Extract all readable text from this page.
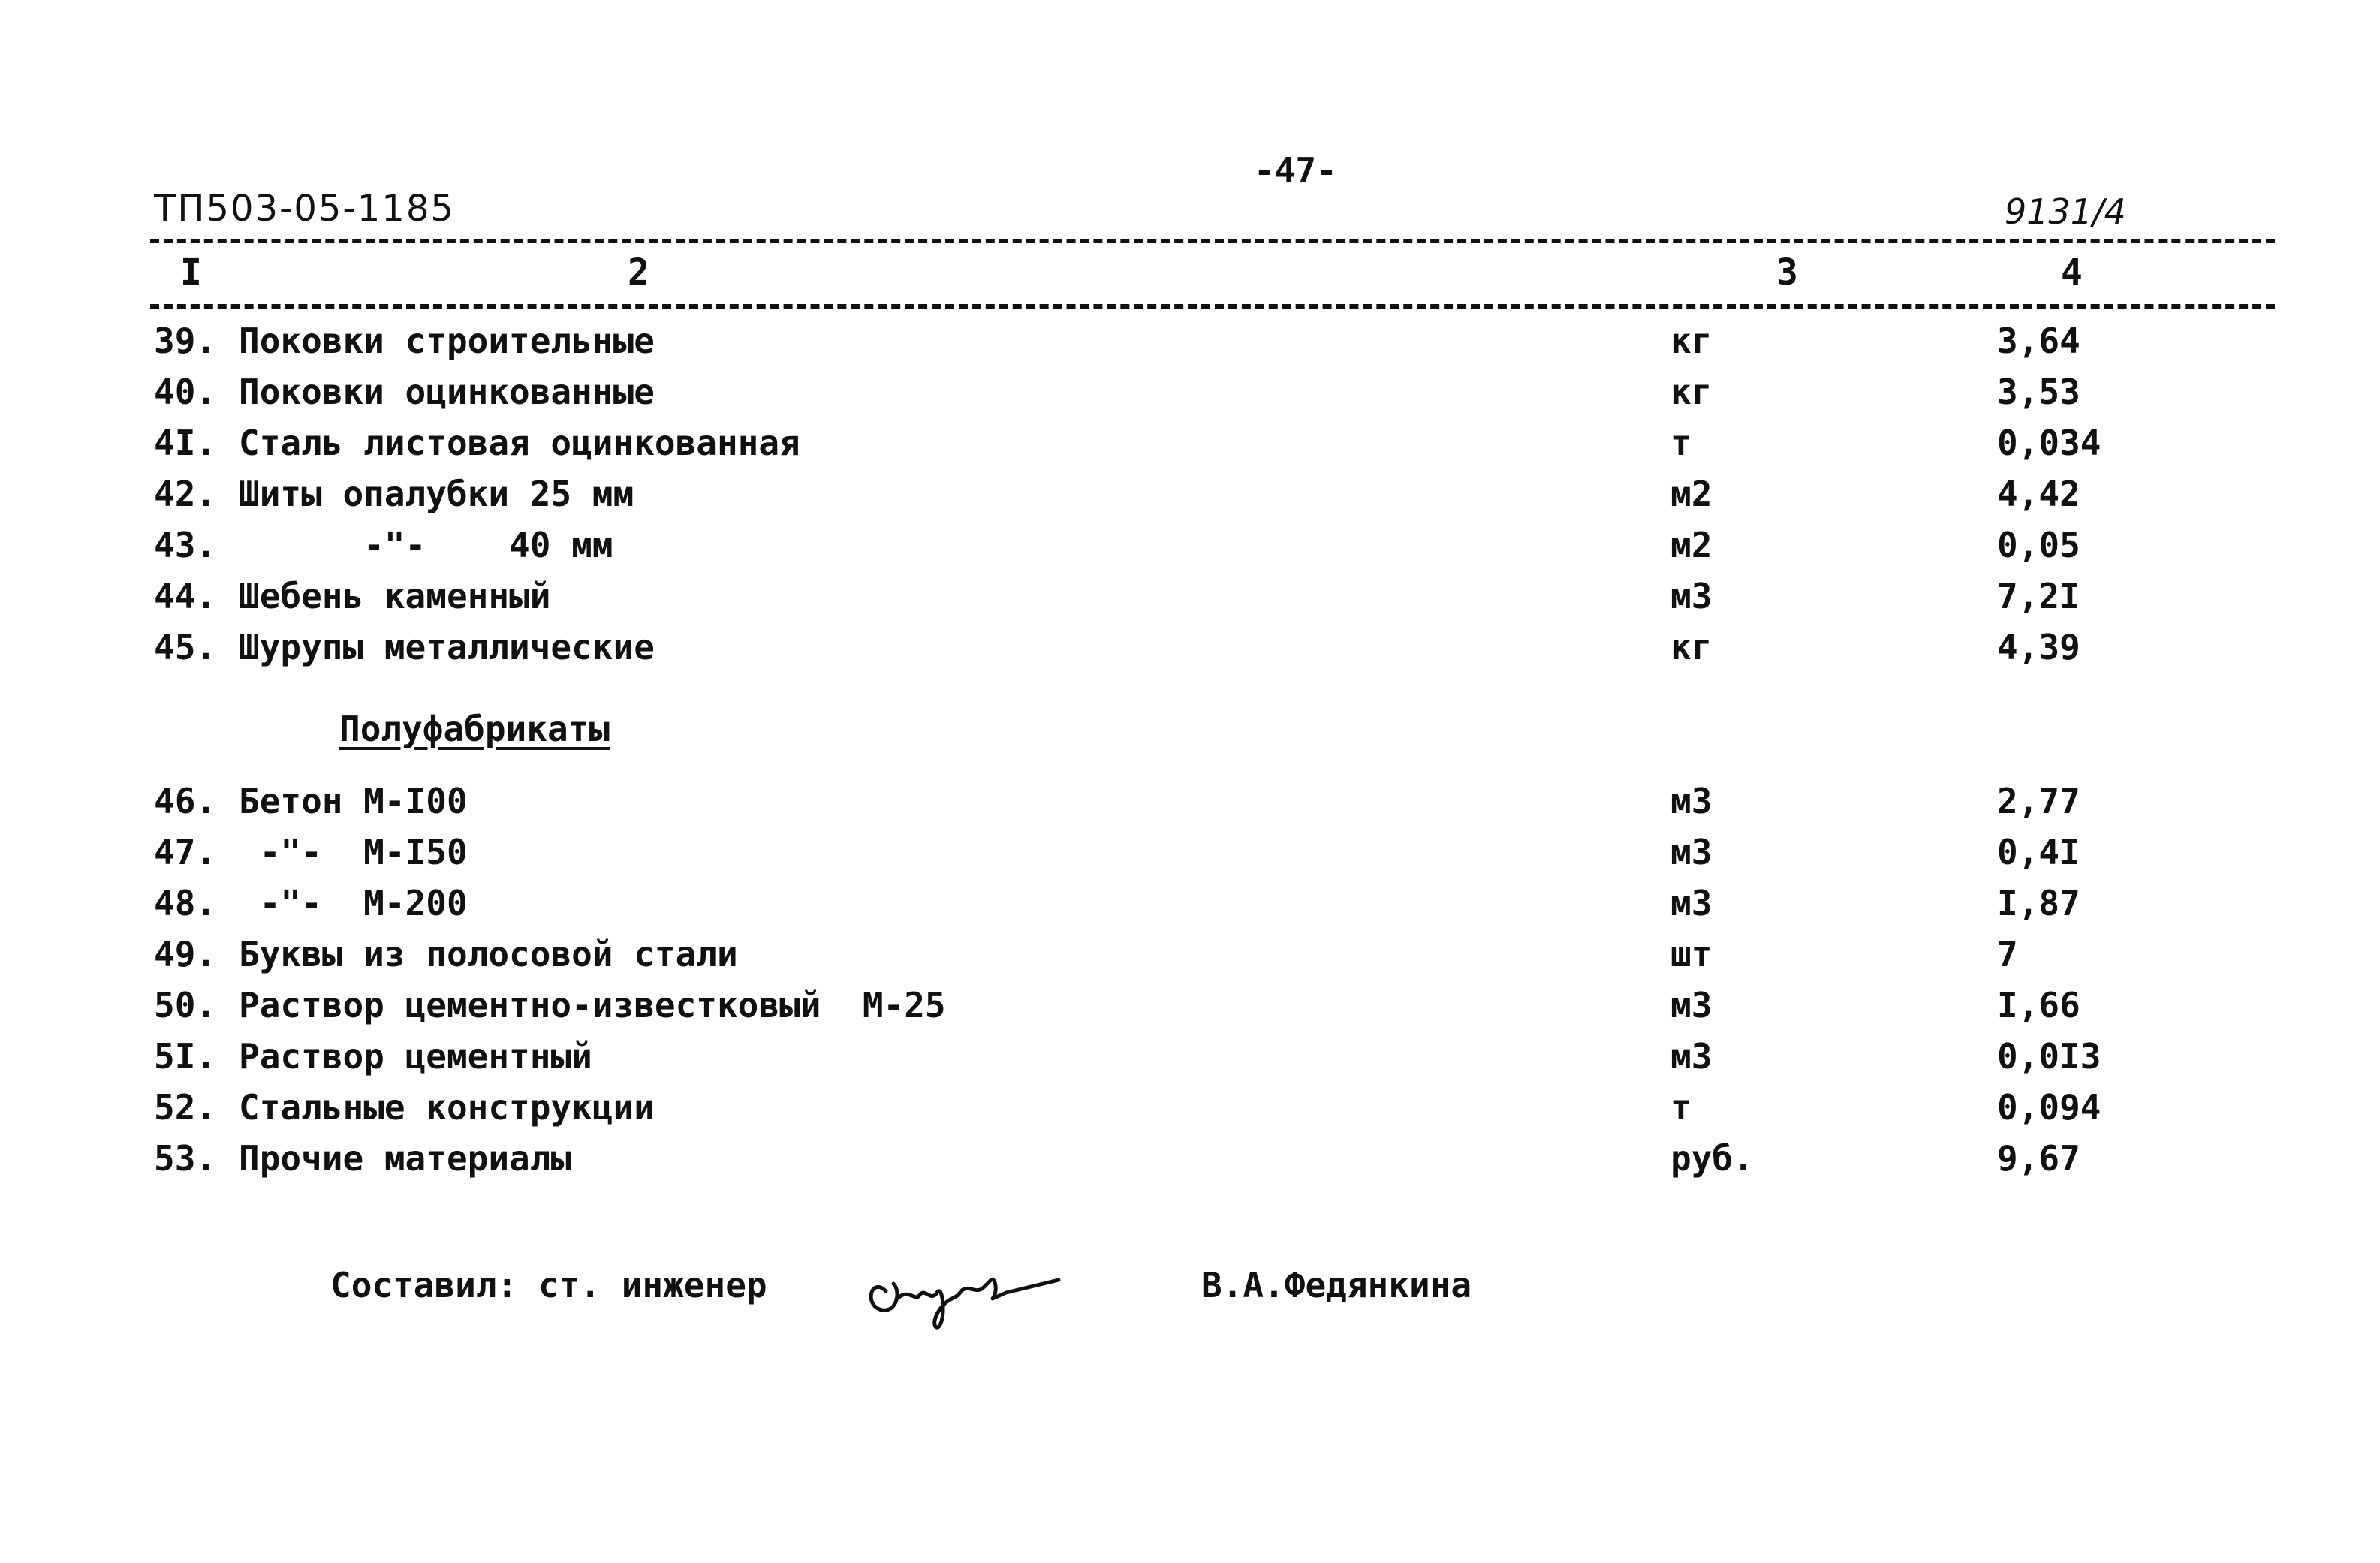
-47-
ТП503-05-1185	9131/4
I	2	3	4
39. Поковки строительные	кг	3,64
40. Поковки оцинкованные	кг	3,53
4I. Сталь листовая оцинкованная	т	0,034
42. Шиты опалубки 25 мм	м2	4,42
43. -"-    40 мм	м2	0,05
44. Шебень каменный	м3	7,2I
45. Шурупы металлические	кг	4,39
Полуфабрикаты
46. Бетон М-I00	м3	2,77
47. -"-  М-I50	м3	0,4I
48. -"-  М-200	м3	I,87
49. Буквы из полосовой стали	шт	7
50. Раствор цементно-известковый  М-25	м3	I,66
5I. Раствор цементный	м3	0,0I3
52. Стальные конструкции	т	0,094
53. Прочие материалы	руб.	9,67
Составил: ст. инженер	В.А.Федянкина
